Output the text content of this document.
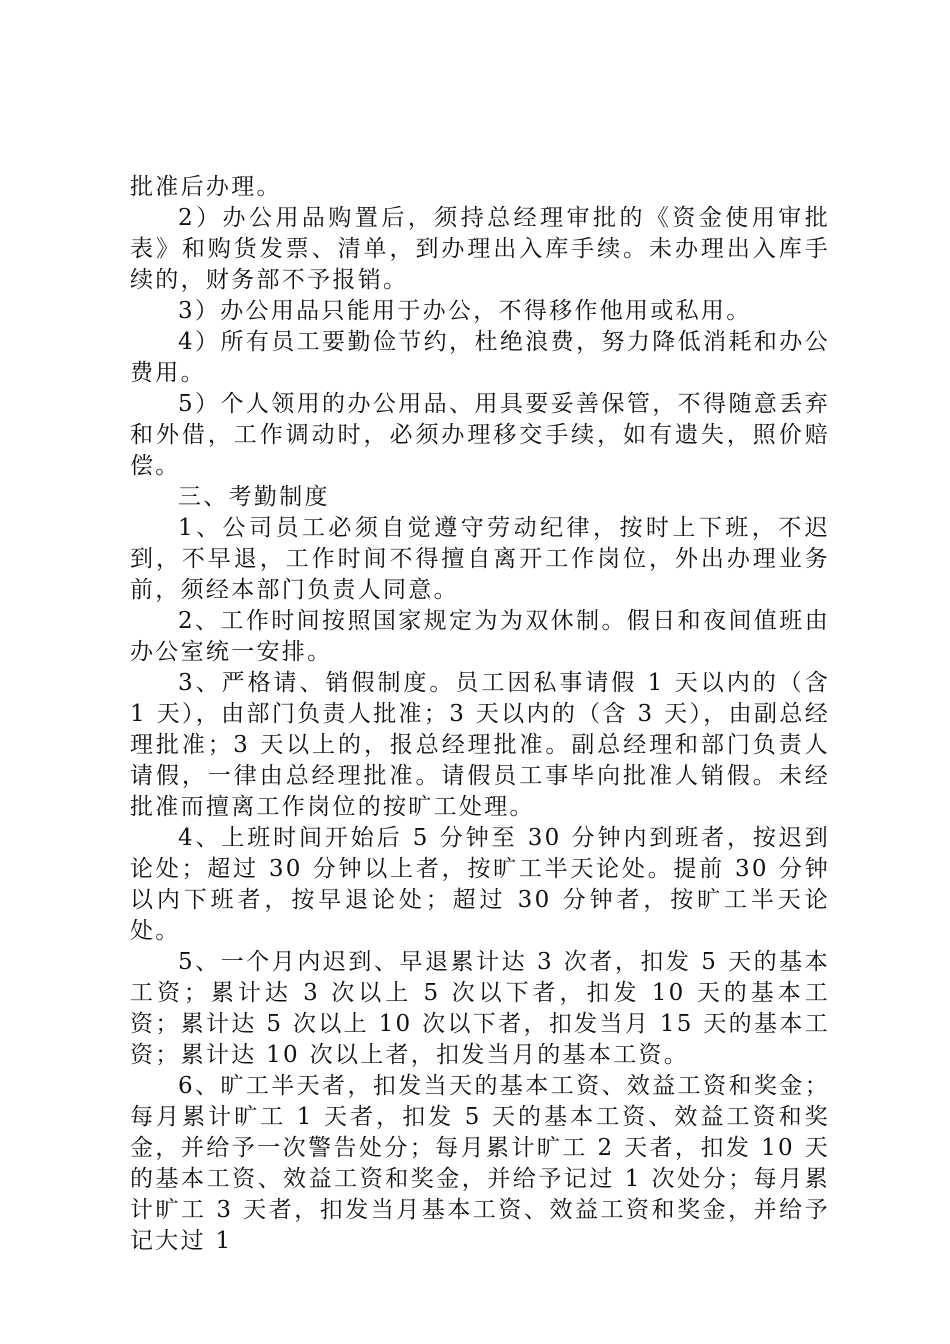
批准后办理。

2）办公用品购置后，须持总经理审批的《资金使用审批表》和购货发票、清单，到办理出入库手续。未办理出入库手续的，财务部不予报销。

3）办公用品只能用于办公，不得移作他用或私用。

4）所有员工要勤俭节约，杜绝浪费，努力降低消耗和办公费用。

5）个人领用的办公用品、用具要妥善保管，不得随意丢弃和外借，工作调动时，必须办理移交手续，如有遗失，照价赔偿。

三、考勤制度

1、公司员工必须自觉遵守劳动纪律，按时上下班，不迟到，不早退，工作时间不得擅自离开工作岗位，外出办理业务前，须经本部门负责人同意。

2、工作时间按照国家规定为为双休制。假日和夜间值班由办公室统一安排。

3、严格请、销假制度。员工因私事请假 1 天以内的（含 1 天），由部门负责人批准；3 天以内的（含 3 天），由副总经理批准；3 天以上的，报总经理批准。副总经理和部门负责人请假，一律由总经理批准。请假员工事毕向批准人销假。未经批准而擅离工作岗位的按旷工处理。

4、上班时间开始后 5 分钟至 30 分钟内到班者，按迟到论处；超过 30 分钟以上者，按旷工半天论处。提前 30 分钟以内下班者，按早退论处；超过 30 分钟者，按旷工半天论处。

5、一个月内迟到、早退累计达 3 次者，扣发 5 天的基本工资；累计达 3 次以上 5 次以下者，扣发 10 天的基本工资；累计达 5 次以上 10 次以下者，扣发当月 15 天的基本工资；累计达 10 次以上者，扣发当月的基本工资。

6、旷工半天者，扣发当天的基本工资、效益工资和奖金；每月累计旷工 1 天者，扣发 5 天的基本工资、效益工资和奖金，并给予一次警告处分；每月累计旷工 2 天者，扣发 10 天的基本工资、效益工资和奖金，并给予记过 1 次处分；每月累计旷工 3 天者，扣发当月基本工资、效益工资和奖金，并给予记大过 1
